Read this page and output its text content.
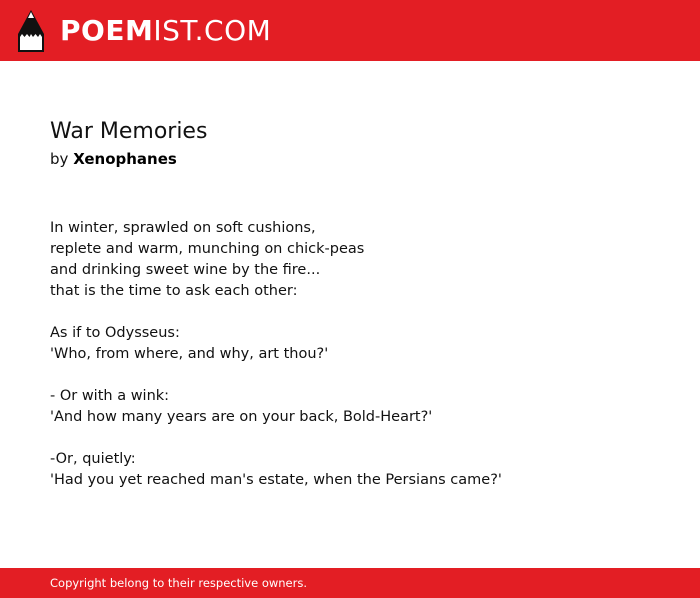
POEMIST.COM
War Memories
by Xenophanes
In winter, sprawled on soft cushions,
replete and warm, munching on chick-peas
and drinking sweet wine by the fire...
that is the time to ask each other:
As if to Odysseus:
'Who, from where, and why, art thou?'
- Or with a wink:
'And how many years are on your back, Bold-Heart?'
-Or, quietly:
'Had you yet reached man's estate, when the Persians came?'
Copyright belong to their respective owners.
